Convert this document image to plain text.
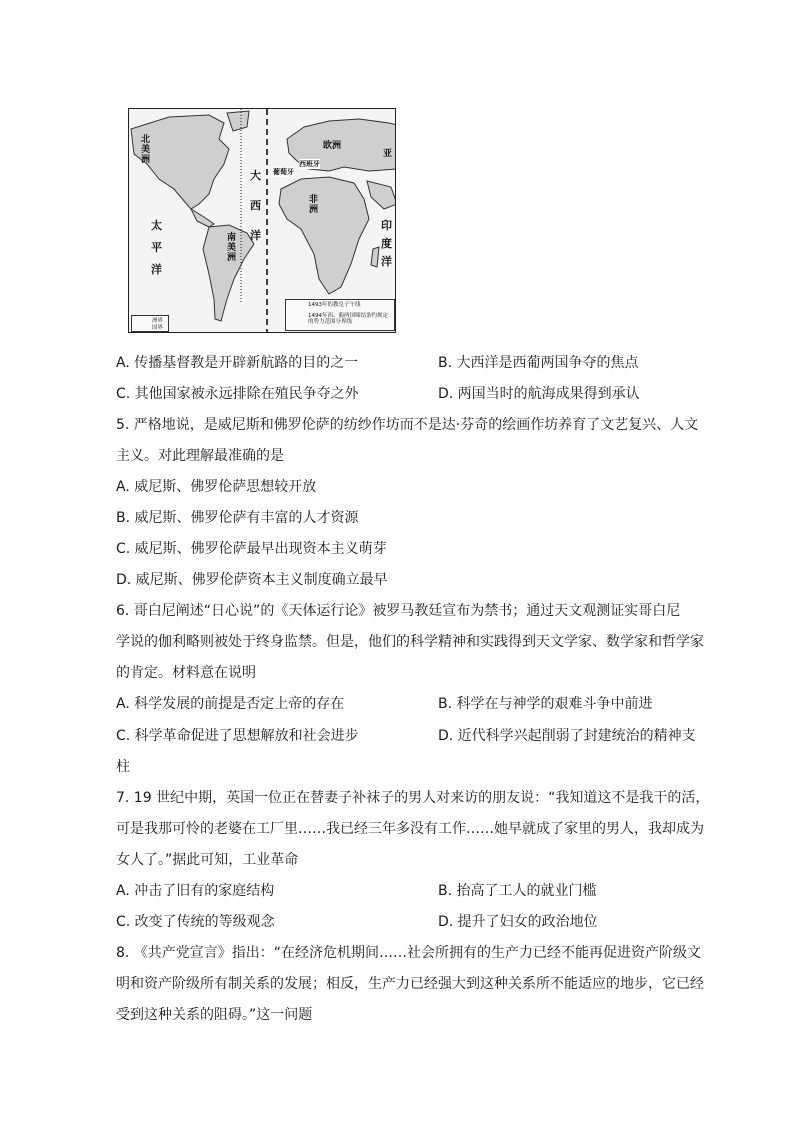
北美洲
南美洲
欧洲
非洲
亚
太平洋
大西洋
印度洋
葡萄牙
西班牙
洲界
国界
1493年的教皇子午线
1494年西、葡两国缔结条约规定的势力范围分界线
A. 传播基督教是开辟新航路的目的之一	B. 大西洋是西葡两国争夺的焦点
C. 其他国家被永远排除在殖民争夺之外	D. 两国当时的航海成果得到承认
5. 严格地说，是威尼斯和佛罗伦萨的纺纱作坊而不是达·芬奇的绘画作坊养育了文艺复兴、人文
主义。对此理解最准确的是
A. 威尼斯、佛罗伦萨思想较开放
B. 威尼斯、佛罗伦萨有丰富的人才资源
C. 威尼斯、佛罗伦萨最早出现资本主义萌芽
D. 威尼斯、佛罗伦萨资本主义制度确立最早
6. 哥白尼阐述“日心说”的《天体运行论》被罗马教廷宣布为禁书；通过天文观测证实哥白尼
学说的伽利略则被处于终身监禁。但是，他们的科学精神和实践得到天文学家、数学家和哲学家
的肯定。材料意在说明
A. 科学发展的前提是否定上帝的存在	B. 科学在与神学的艰难斗争中前进
C. 科学革命促进了思想解放和社会进步	D. 近代科学兴起削弱了封建统治的精神支
柱
7. 19 世纪中期，英国一位正在替妻子补袜子的男人对来访的朋友说：“我知道这不是我干的活，
可是我那可怜的老婆在工厂里……我已经三年多没有工作……她早就成了家里的男人，我却成为
女人了。”据此可知，工业革命
A. 冲击了旧有的家庭结构	B. 抬高了工人的就业门槛
C. 改变了传统的等级观念	D. 提升了妇女的政治地位
8. 《共产党宣言》指出：“在经济危机期间……社会所拥有的生产力已经不能再促进资产阶级文
明和资产阶级所有制关系的发展；相反，生产力已经强大到这种关系所不能适应的地步，它已经
受到这种关系的阻碍。”这一问题
